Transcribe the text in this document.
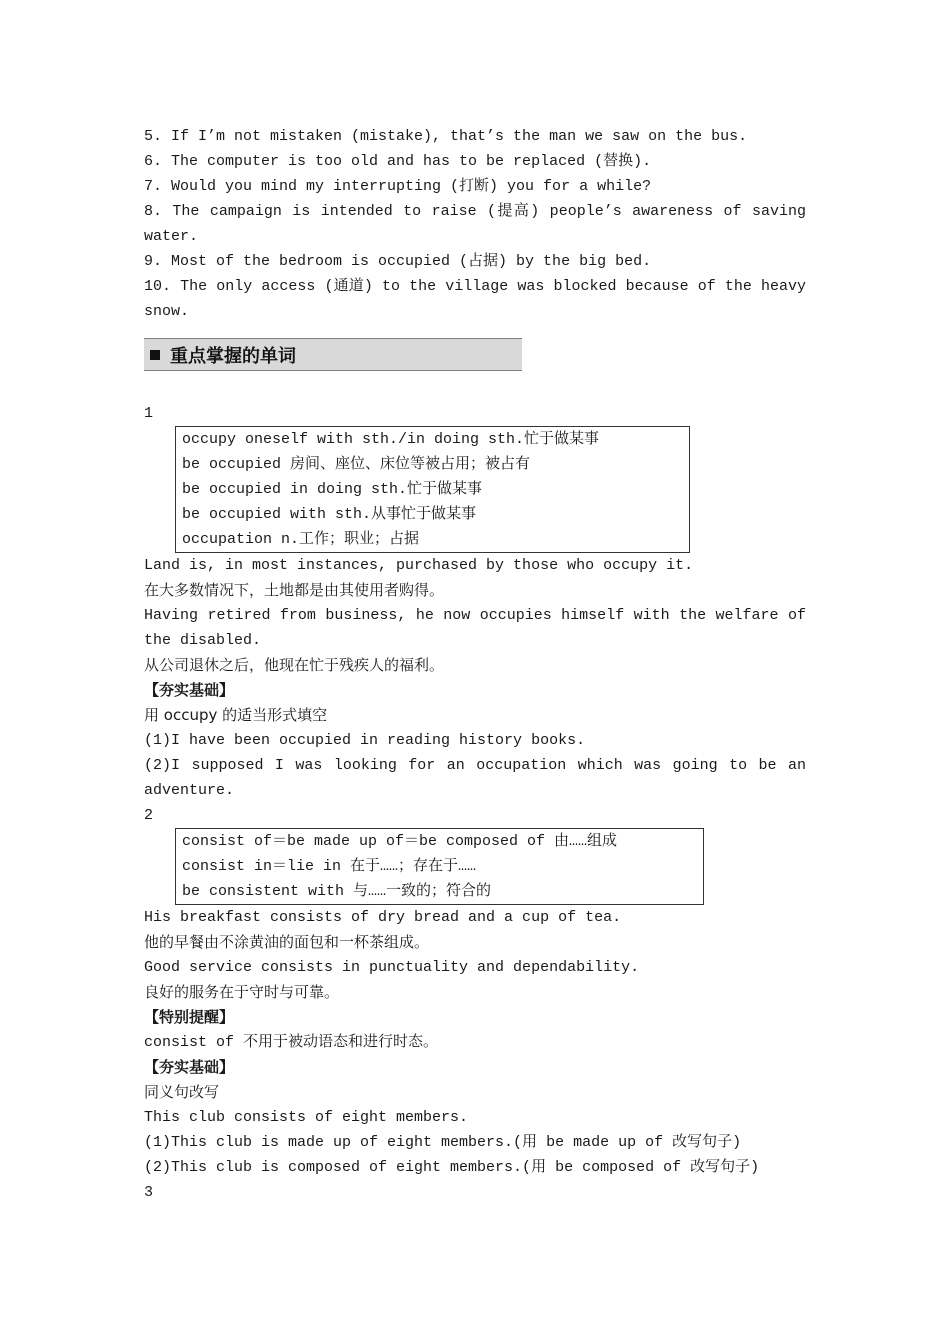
5. If I’m not mistaken (mistake), that’s the man we saw on the bus.
6. The computer is too old and has to be replaced (替换).
7. Would you mind my interrupting (打断) you for a while?
8. The campaign is intended to raise (提高) people’s awareness of saving water.
9. Most of the bedroom is occupied (占据) by the big bed.
10. The only access (通道) to the village was blocked because of the heavy snow.
重点掌握的单词
1
occupy oneself with sth./in doing sth.忙于做某事
be occupied 房间、座位、床位等被占用；被占有
be occupied in doing sth.忙于做某事
be occupied with sth.从事忙于做某事
occupation n.工作；职业；占据
Land is, in most instances, purchased by those who occupy it.
在大多数情况下，土地都是由其使用者购得。
Having retired from business, he now occupies himself with the welfare of the disabled.
从公司退休之后，他现在忙于残疾人的福利。
【夯实基础】
用 occupy 的适当形式填空
(1)I have been occupied in reading history books.
(2)I supposed I was looking for an occupation which was going to be an adventure.
2
consist of＝be made up of＝be composed of 由……组成
consist in＝lie in 在于……；存在于……
be consistent with 与……一致的；符合的
His breakfast consists of dry bread and a cup of tea.
他的早餐由不涂黄油的面包和一杯茶组成。
Good service consists in punctuality and dependability.
良好的服务在于守时与可靠。
【特别提醒】
consist of 不用于被动语态和进行时态。
【夯实基础】
同义句改写
This club consists of eight members.
(1)This club is made up of eight members.(用 be made up of 改写句子)
(2)This club is composed of eight members.(用 be composed of 改写句子)
3
